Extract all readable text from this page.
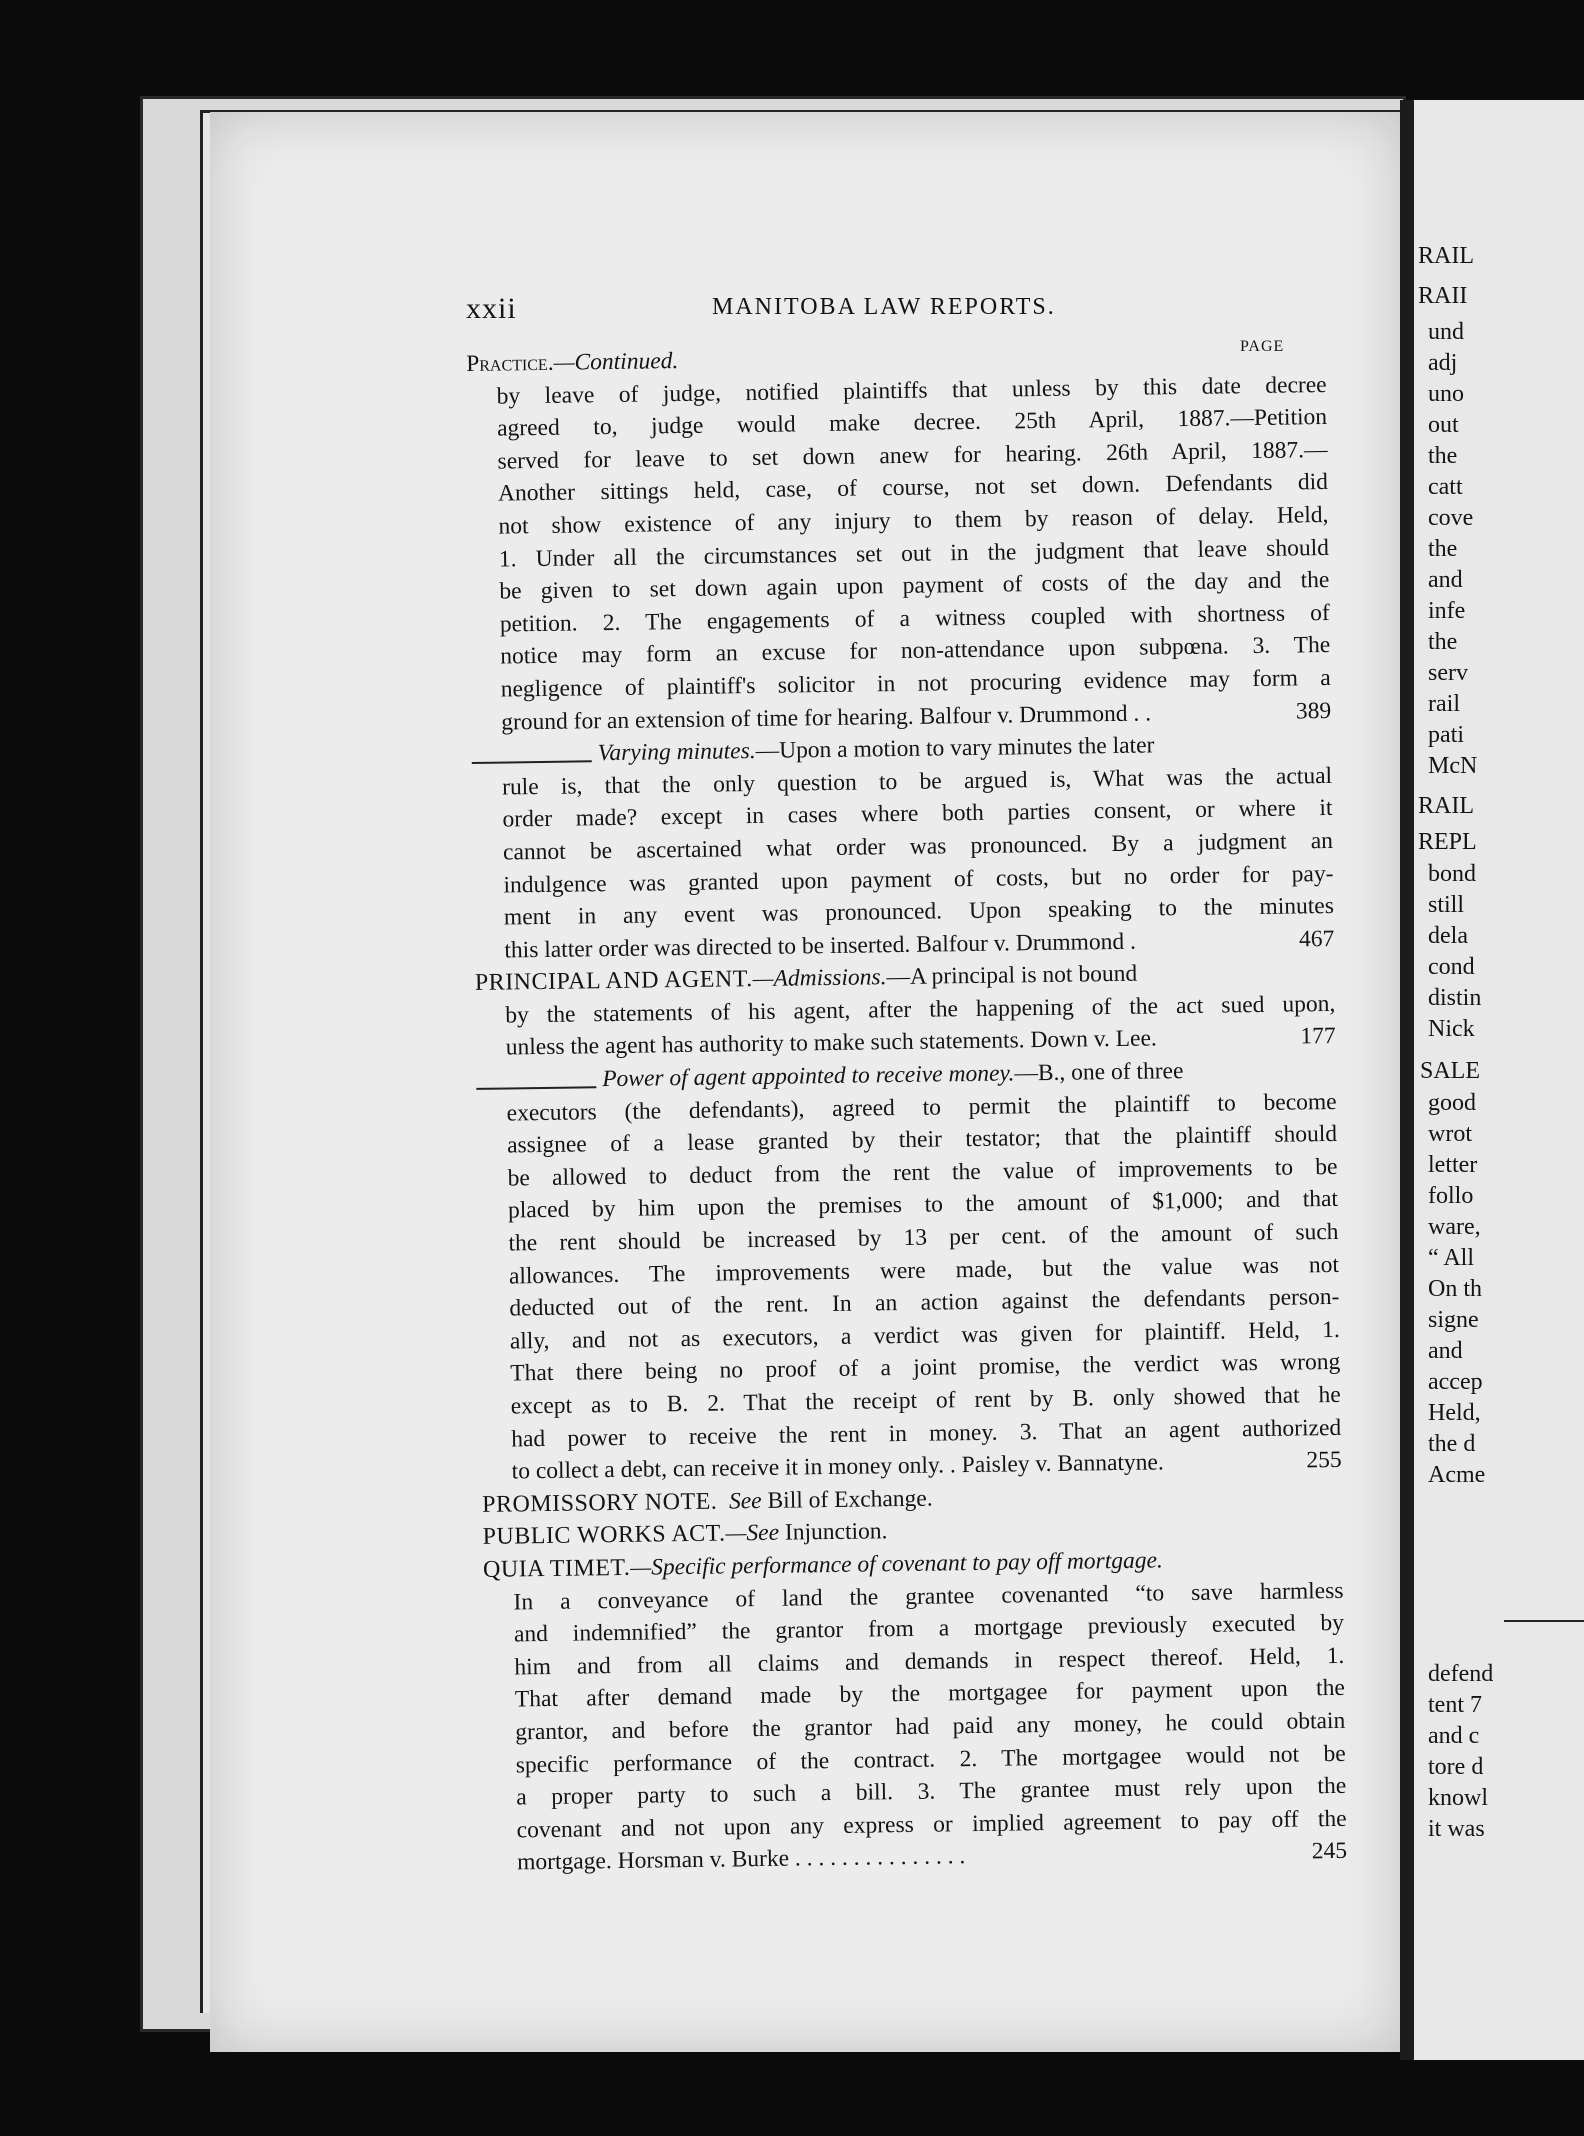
RAIL
RAII
und
adj
uno
out
the
catt
cove
the
and
infe
the
serv
rail
pati
McN
RAIL
REPL
bond
still
dela
cond
distin
Nick
SALE
good
wrot
letter
follo
ware,
“ All
On th
signe
and
accep
Held,
the d
Acme
defend
tent 7
and c
tore d
knowl
it was
xxii	MANITOBA LAW REPORTS.
PAGE
Practice. —Continued.
by leave of judge, notified plaintiffs that unless by this date decree
agreed to, judge would make decree. 25th April, 1887.—Petition
served for leave to set down anew for hearing. 26th April, 1887.—
Another sittings held, case, of course, not set down. Defendants did
not show existence of any injury to them by reason of delay. Held,
1. Under all the circumstances set out in the judgment that leave should
be given to set down again upon payment of costs of the day and the
petition. 2. The engagements of a witness coupled with shortness of
notice may form an excuse for non-attendance upon subpœna. 3. The
negligence of plaintiff's solicitor in not procuring evidence may form a
ground for an extension of time for hearing. Balfour v. Drummond . .	389
Varying minutes. —Upon a motion to vary minutes the later
rule is, that the only question to be argued is, What was the actual
order made? except in cases where both parties consent, or where it
cannot be ascertained what order was pronounced. By a judgment an
indulgence was granted upon payment of costs, but no order for pay-
ment in any event was pronounced. Upon speaking to the minutes
this latter order was directed to be inserted. Balfour v. Drummond .	467
PRINCIPAL AND AGENT. —Admissions. —A principal is not bound
by the statements of his agent, after the happening of the act sued upon,
unless the agent has authority to make such statements. Down v. Lee.	177
Power of agent appointed to receive money. —B., one of three
executors (the defendants), agreed to permit the plaintiff to become
assignee of a lease granted by their testator; that the plaintiff should
be allowed to deduct from the rent the value of improvements to be
placed by him upon the premises to the amount of $1,000; and that
the rent should be increased by 13 per cent. of the amount of such
allowances. The improvements were made, but the value was not
deducted out of the rent. In an action against the defendants person-
ally, and not as executors, a verdict was given for plaintiff. Held, 1.
That there being no proof of a joint promise, the verdict was wrong
except as to B. 2. That the receipt of rent by B. only showed that he
had power to receive the rent in money. 3. That an agent authorized
to collect a debt, can receive it in money only. . Paisley v. Bannatyne.	255
PROMISSORY NOTE.
See
Bill of Exchange.
PUBLIC WORKS ACT. —See
Injunction.
QUIA TIMET. —Specific performance of covenant to pay off mortgage.
In a conveyance of land the grantee covenanted “to save harmless
and indemnified” the grantor from a mortgage previously executed by
him and from all claims and demands in respect thereof. Held, 1.
That after demand made by the mortgagee for payment upon the
grantor, and before the grantor had paid any money, he could obtain
specific performance of the contract. 2. The mortgagee would not be
a proper party to such a bill. 3. The grantee must rely upon the
covenant and not upon any express or implied agreement to pay off the
mortgage. Horsman v. Burke . . . . . . . . . . . . . . .	245
